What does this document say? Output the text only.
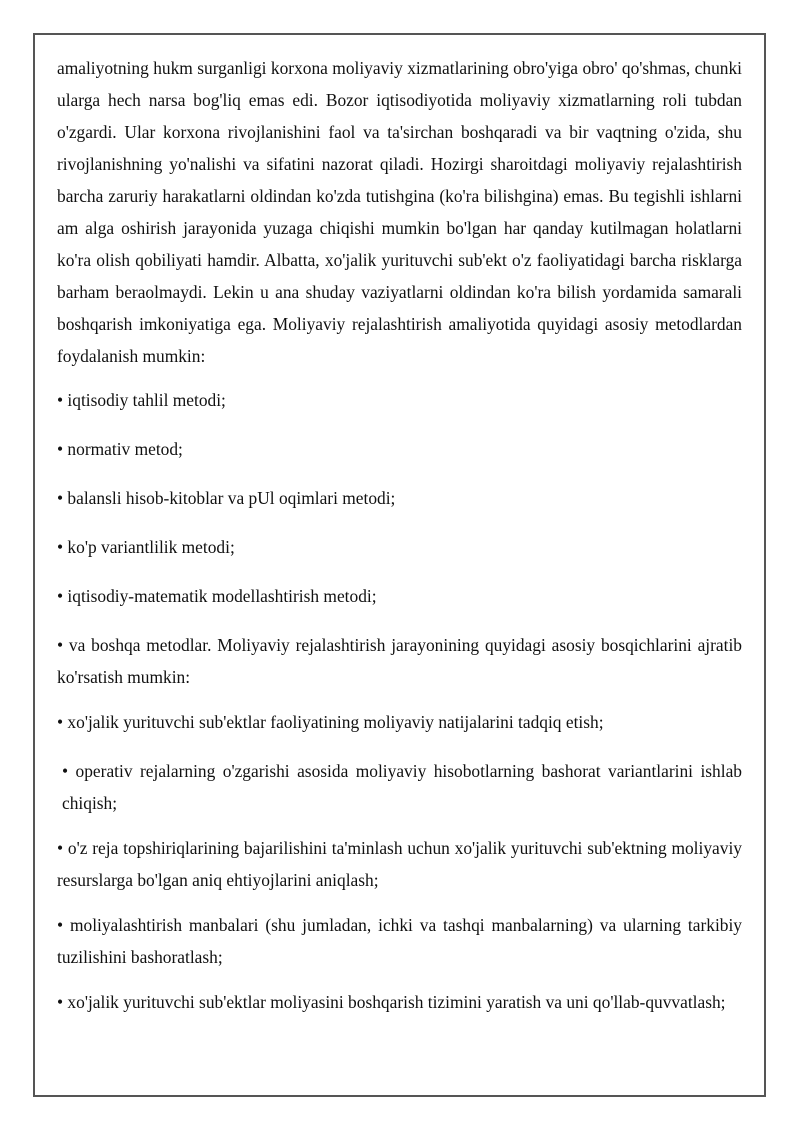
amaliyotning hukm surganligi korxona moliyaviy xizmatlarining obro'yiga obro' qo'shmas, chunki ularga hech narsa bog'liq emas edi. Bozor iqtisodiyotida moliyaviy xizmatlarning roli tubdan o'zgardi. Ular korxona rivojlanishini faol va ta'sirchan boshqaradi va bir vaqtning o'zida, shu rivojlanishning yo'nalishi va sifatini nazorat qiladi. Hozirgi sharoitdagi moliyaviy rejalashtirish barcha zaruriy harakatlarni oldindan ko'zda tutishgina (ko'ra bilishgina) emas. Bu tegishli ishlarni am alga oshirish jarayonida yuzaga chiqishi mumkin bo'lgan har qanday kutilmagan holatlarni ko'ra olish qobiliyati hamdir. Albatta, xo'jalik yurituvchi sub'ekt o'z faoliyatidagi barcha risklarga barham beraolmaydi. Lekin u ana shuday vaziyatlarni oldindan ko'ra bilish yordamida samarali boshqarish imkoniyatiga ega. Moliyaviy rejalashtirish amaliyotida quyidagi asosiy metodlardan foydalanish mumkin:

• iqtisodiy tahlil metodi;

• normativ metod;

• balansli hisob-kitoblar va pUl oqimlari metodi;

• ko'p variantlilik metodi;

• iqtisodiy-matematik modellashtirish metodi;

• va boshqa metodlar. Moliyaviy rejalashtirish jarayonining quyidagi asosiy bosqichlarini ajratib ko'rsatish mumkin:

• xo'jalik yurituvchi sub'ektlar faoliyatining moliyaviy natijalarini tadqiq etish;

• operativ rejalarning o'zgarishi asosida moliyaviy hisobotlarning bashorat variantlarini ishlab chiqish;

• o'z reja topshiriqlarining bajarilishini ta'minlash uchun xo'jalik yurituvchi sub'ektning moliyaviy resurslarga bo'lgan aniq ehtiyojlarini aniqlash;

• moliyalashtirish manbalari (shu jumladan, ichki va tashqi manbalarning) va ularning tarkibiy tuzilishini bashoratlash;

• xo'jalik yurituvchi sub'ektlar moliyasini boshqarish tizimini yaratish va uni qo'llab-quvvatlash;
